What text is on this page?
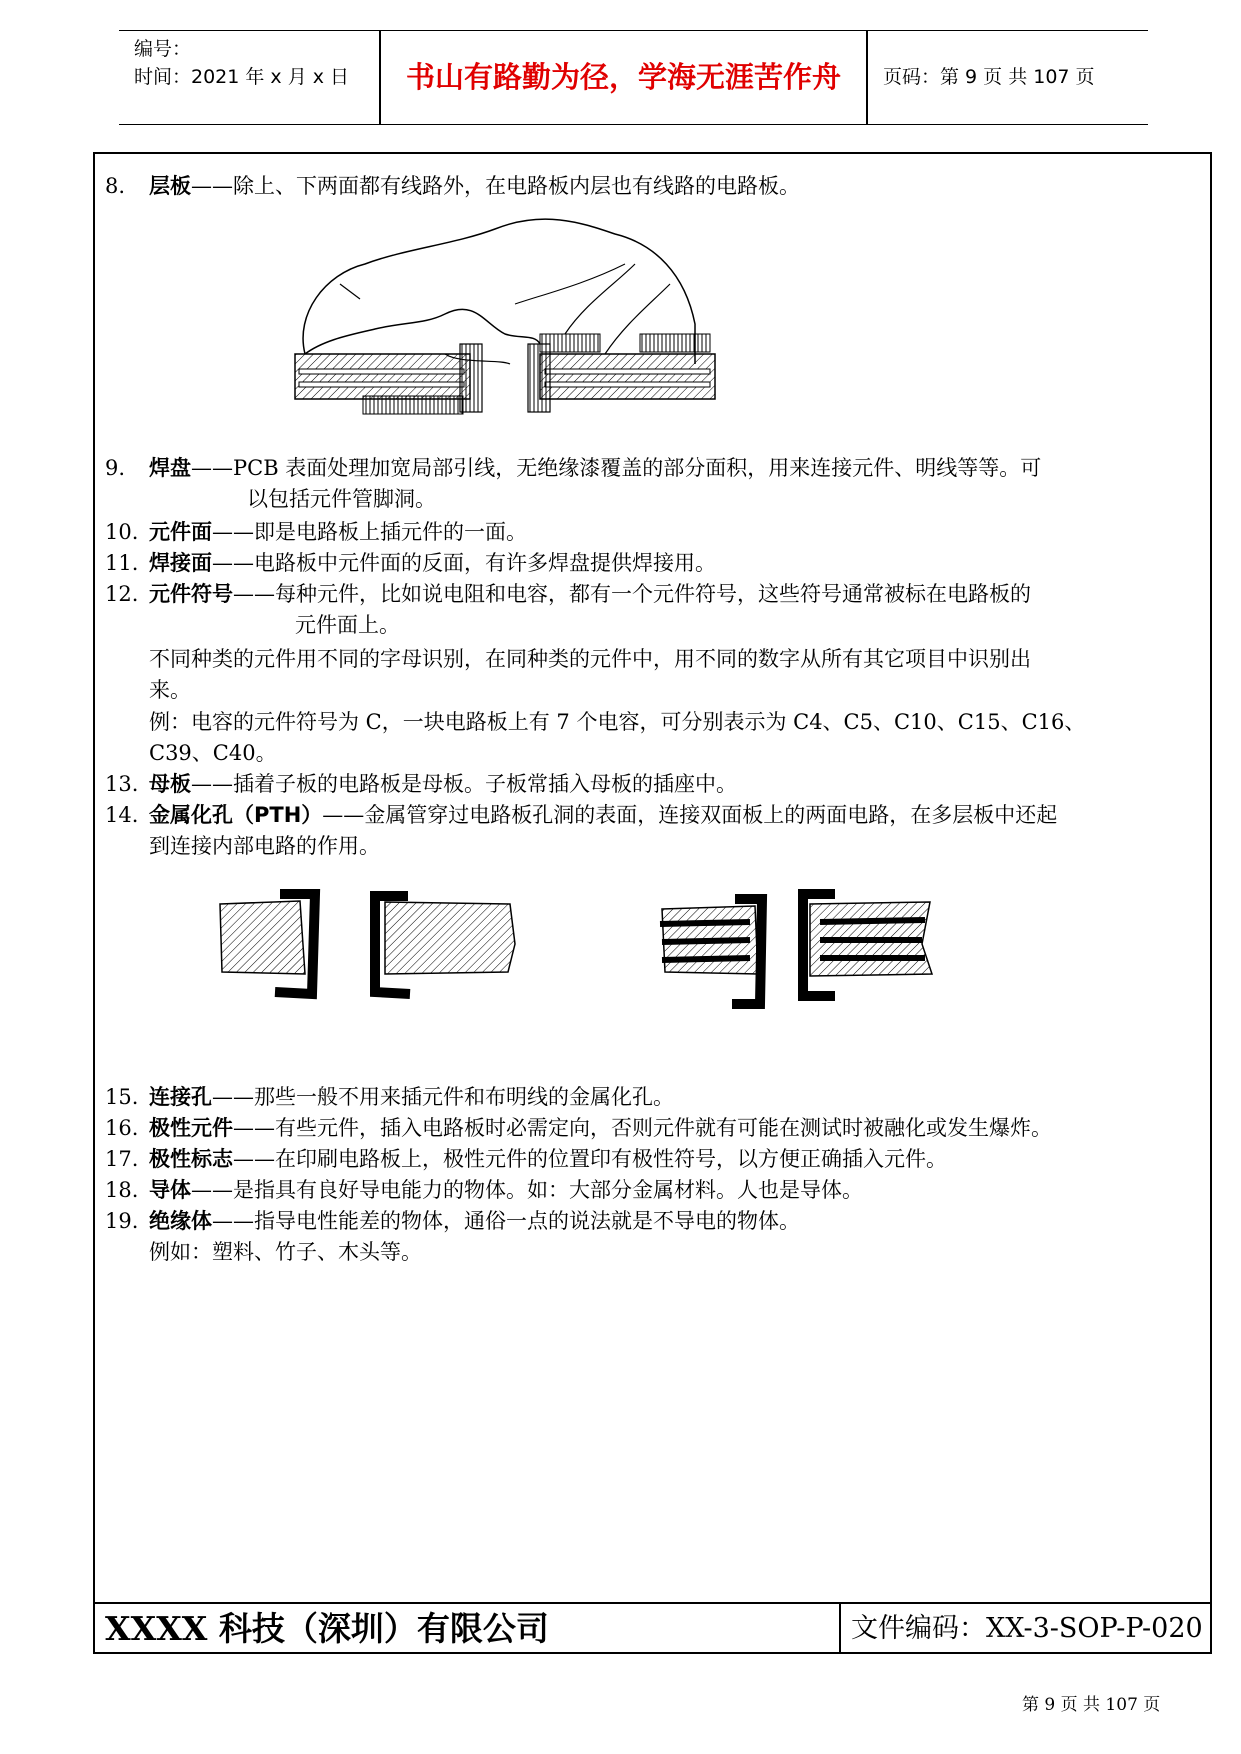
编号：
时间：2021 年 x 月 x 日	书山有路勤为径，学海无涯苦作舟	页码：第 9 页 共 107 页
8. 层板——除上、下两面都有线路外，在电路板内层也有线路的电路板。
9. 焊盘——PCB 表面处理加宽局部引线，无绝缘漆覆盖的部分面积，用来连接元件、明线等等。可
以包括元件管脚洞。
10. 元件面——即是电路板上插元件的一面。
11. 焊接面——电路板中元件面的反面，有许多焊盘提供焊接用。
12. 元件符号——每种元件，比如说电阻和电容，都有一个元件符号，这些符号通常被标在电路板的
元件面上。
不同种类的元件用不同的字母识别，在同种类的元件中，用不同的数字从所有其它项目中识别出
来。
例：电容的元件符号为 C，一块电路板上有 7 个电容，可分别表示为 C4、C5、C10、C15、C16、
C39、C40。
13. 母板——插着子板的电路板是母板。子板常插入母板的插座中。
14. 金属化孔（PTH）——金属管穿过电路板孔洞的表面，连接双面板上的两面电路，在多层板中还起
到连接内部电路的作用。
15. 连接孔——那些一般不用来插元件和布明线的金属化孔。
16. 极性元件——有些元件，插入电路板时必需定向，否则元件就有可能在测试时被融化或发生爆炸。
17. 极性标志——在印刷电路板上，极性元件的位置印有极性符号，以方便正确插入元件。
18. 导体——是指具有良好导电能力的物体。如：大部分金属材料。人也是导体。
19. 绝缘体——指导电性能差的物体，通俗一点的说法就是不导电的物体。
例如：塑料、竹子、木头等。
XXXX 科技（深圳）有限公司	文件编码：XX-3-SOP-P-020
第 9 页 共 107 页
